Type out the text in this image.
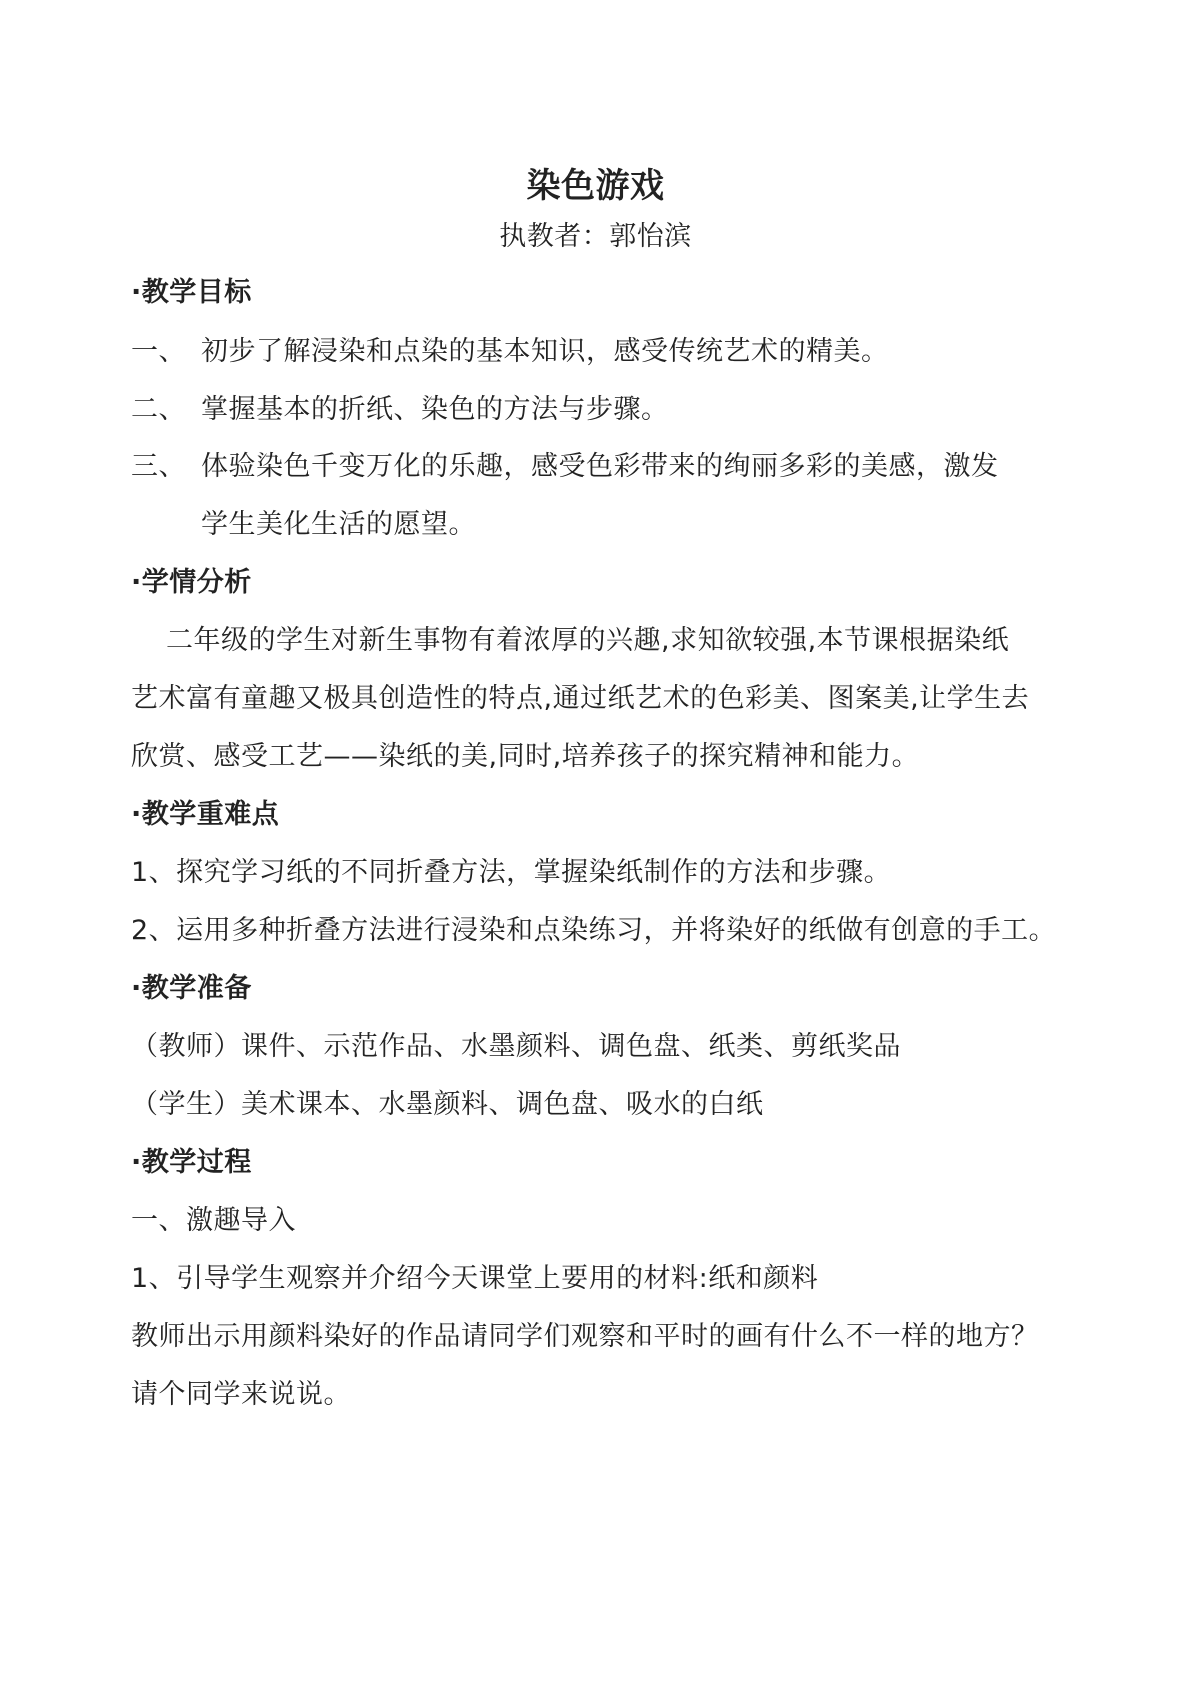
染色游戏

执教者：郭怡滨

·教学目标
一、 初步了解浸染和点染的基本知识，感受传统艺术的精美。
二、 掌握基本的折纸、染色的方法与步骤。
三、 体验染色千变万化的乐趣，感受色彩带来的绚丽多彩的美感，激发

学生美化生活的愿望。

·学情分析

二年级的学生对新生事物有着浓厚的兴趣,求知欲较强,本节课根据染纸

艺术富有童趣又极具创造性的特点,通过纸艺术的色彩美、图案美,让学生去

欣赏、感受工艺——染纸的美,同时,培养孩子的探究精神和能力。

·教学重难点

1、探究学习纸的不同折叠方法，掌握染纸制作的方法和步骤。

2、运用多种折叠方法进行浸染和点染练习，并将染好的纸做有创意的手工。

·教学准备

（教师）课件、示范作品、水墨颜料、调色盘、纸类、剪纸奖品

（学生）美术课本、水墨颜料、调色盘、吸水的白纸

·教学过程

一、激趣导入

1、引导学生观察并介绍今天课堂上要用的材料:纸和颜料

教师出示用颜料染好的作品请同学们观察和平时的画有什么不一样的地方？

请个同学来说说。
